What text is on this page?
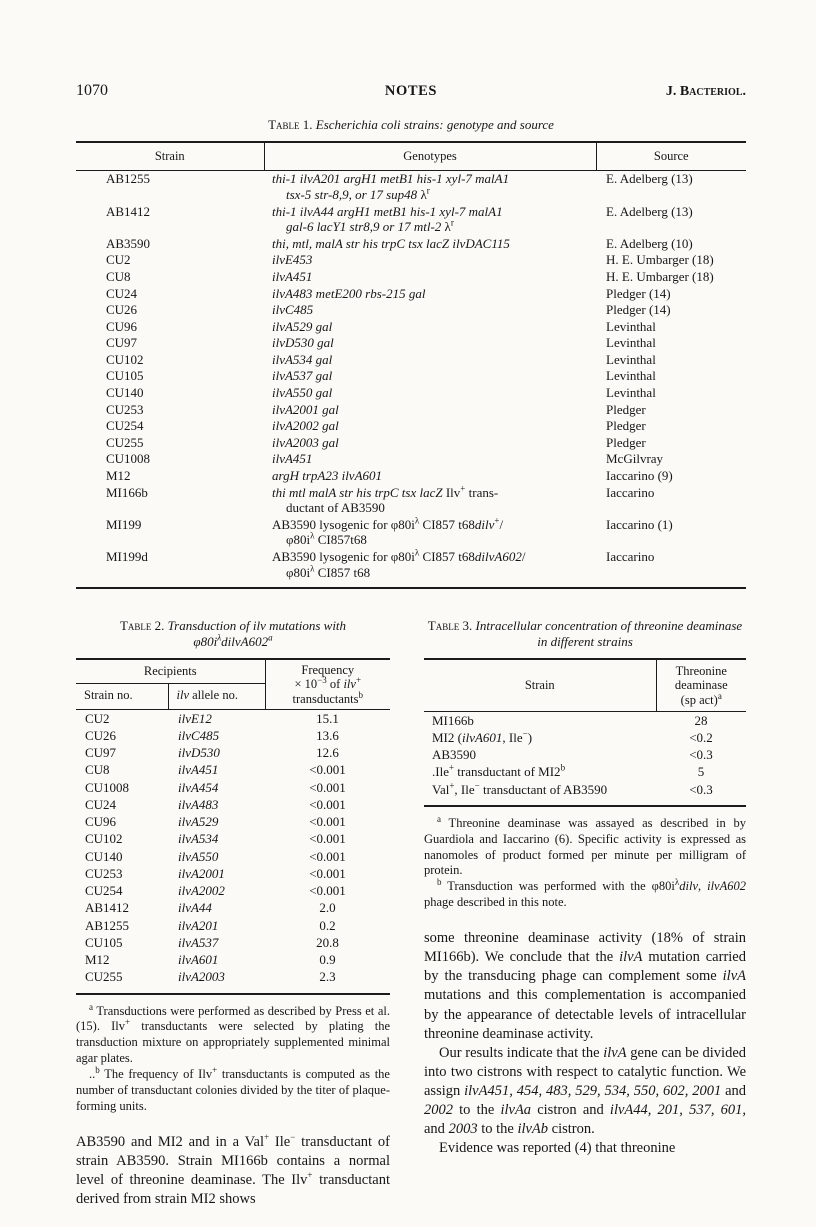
1070	NOTES	J. Bacteriol.
Table 1. Escherichia coli strains: genotype and source
Strain	Genotypes	Source
AB1255	thi-1 ilvA201 argH1 metB1 his-1 xyl-7 malA1
tsx-5 str-8,9, or 17 sup48 $\lambda^r$	E. Adelberg (13)
AB1412	thi-1 ilvA44 argH1 metB1 his-1 xyl-7 malA1
gal-6 lacY1 str8,9 or 17 mtl-2 $\lambda^r$	E. Adelberg (13)
AB3590	thi, mtl, malA str his trpC tsx lacZ ilvDAC115	E. Adelberg (10)
CU2	ilvE453	H. E. Umbarger (18)
CU8	ilvA451	H. E. Umbarger (18)
CU24	ilvA483 metE200 rbs-215 gal	Pledger (14)
CU26	ilvC485	Pledger (14)
CU96	ilvA529 gal	Levinthal
CU97	ilvD530 gal	Levinthal
CU102	ilvA534 gal	Levinthal
CU105	ilvA537 gal	Levinthal
CU140	ilvA550 gal	Levinthal
CU253	ilvA2001 gal	Pledger
CU254	ilvA2002 gal	Pledger
CU255	ilvA2003 gal	Pledger
CU1008	ilvA451	McGilvray
M12	argH trpA23 ilvA601	Iaccarino (9)
MI166b	thi mtl malA str his trpC tsx lacZ Ilv+ trans-
ductant of AB3590	Iaccarino
MI199	AB3590 lysogenic for $\varphi 80i^\lambda$ CI857 t68dilv+/
$\varphi 80i^\lambda$ CI857t68	Iaccarino (1)
MI199d	AB3590 lysogenic for $\varphi 80i^\lambda$ CI857 t68dilvA602/
$\varphi 80i^\lambda$ CI857 t68	Iaccarino
Table 2. Transduction of ilv mutations with
$\varphi 80i^\lambda dilvA602^a$
Recipients		Frequency
× $10^{-3}$ of ilv+
transductants$^b$
Strain no.	ilv allele no.	
CU2	ilvE12	15.1
CU26	ilvC485	13.6
CU97	ilvD530	12.6
CU8	ilvA451	<0.001
CU1008	ilvA454	<0.001
CU24	ilvA483	<0.001
CU96	ilvA529	<0.001
CU102	ilvA534	<0.001
CU140	ilvA550	<0.001
CU253	ilvA2001	<0.001
CU254	ilvA2002	<0.001
AB1412	ilvA44	2.0
AB1255	ilvA201	0.2
CU105	ilvA537	20.8
M12	ilvA601	0.9
CU255	ilvA2003	2.3

$^a$ Transductions were performed as described by Press et al. (15). Ilv+ transductants were selected by plating the transduction mixture on appropriately supplemented minimal agar plates.

..$^b$ The frequency of Ilv+ transductants is computed as the number of transductant colonies divided by the titer of plaque-forming units.

AB3590 and MI2 and in a Val+ Ile− transductant of strain AB3590. Strain MI166b contains a normal level of threonine deaminase. The Ilv+ transductant derived from strain MI2 shows

Table 3. Intracellular concentration of threonine deaminase in different strains
Strain	Threonine
deaminase
(sp act)$^a$
MI166b	28
MI2 (ilvA601, Ile−)	<0.2
AB3590	<0.3
.Ile+ transductant of MI2$^b$	5
Val+, Ile− transductant of AB3590	<0.3

$^a$ Threonine deaminase was assayed as described in by Guardiola and Iaccarino (6). Specific activity is expressed as nanomoles of product formed per minute per milligram of protein.

$^b$ Transduction was performed with the $\varphi 80i^\lambda dilv$, ilvA602 phage described in this note.

some threonine deaminase activity (18% of strain MI166b). We conclude that the ilvA mutation carried by the transducing phage can complement some ilvA mutations and this complementation is accompanied by the appearance of detectable levels of intracellular threonine deaminase activity.

Our results indicate that the ilvA gene can be divided into two cistrons with respect to catalytic function. We assign ilvA451, 454, 483, 529, 534, 550, 602, 2001 and 2002 to the ilvAa cistron and ilvA44, 201, 537, 601, and 2003 to the ilvAb cistron.

Evidence was reported (4) that threonine
